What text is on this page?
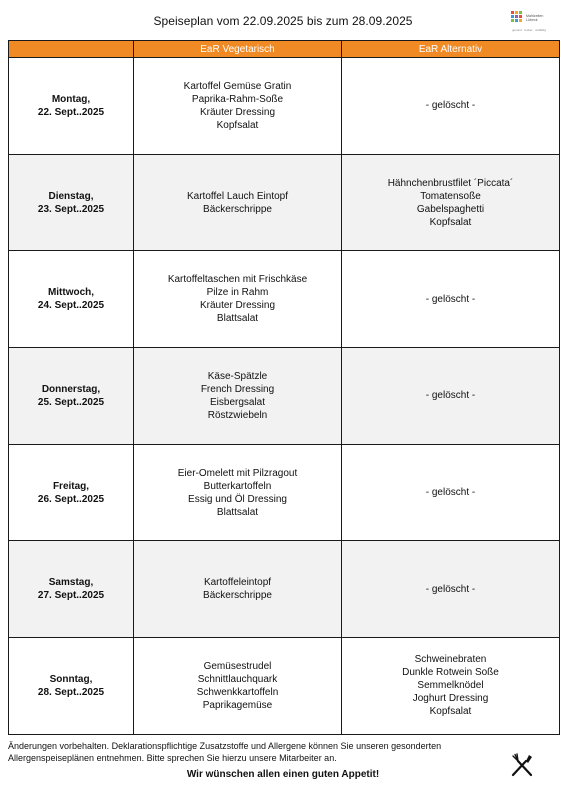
Speiseplan vom 22.09.2025 bis zum 28.09.2025	Mahlzeiten
Lübeck
gesund · lecker · vielfältig
	EaR Vegetarisch	EaR Alternativ

Montag,
22. Sept..2025	Kartoffel Gemüse Gratin
Paprika-Rahm-Soße
Kräuter Dressing
Kopfsalat	- gelöscht -

Dienstag,
23. Sept..2025	Kartoffel Lauch Eintopf
Bäckerschrippe	Hähnchenbrustfilet ´Piccata´
Tomatensoße
Gabelspaghetti
Kopfsalat

Mittwoch,
24. Sept..2025	Kartoffeltaschen mit Frischkäse
Pilze in Rahm
Kräuter Dressing
Blattsalat	- gelöscht -

Donnerstag,
25. Sept..2025	Käse-Spätzle
French Dressing
Eisbergsalat
Röstzwiebeln	- gelöscht -

Freitag,
26. Sept..2025	Eier-Omelett mit Pilzragout
Butterkartoffeln
Essig und Öl Dressing
Blattsalat	- gelöscht -

Samstag,
27. Sept..2025	Kartoffeleintopf
Bäckerschrippe	- gelöscht -

Sonntag,
28. Sept..2025	Gemüsestrudel
Schnittlauchquark
Schwenkkartoffeln
Paprikagemüse	Schweinebraten
Dunkle Rotwein Soße
Semmelknödel
Joghurt Dressing
Kopfsalat
Änderungen vorbehalten. Deklarationspflichtige Zusatzstoffe und Allergene können Sie unseren gesonderten Allergenspeiseplänen entnehmen. Bitte sprechen Sie hierzu unsere Mitarbeiter an.
Wir wünschen allen einen guten Appetit!
